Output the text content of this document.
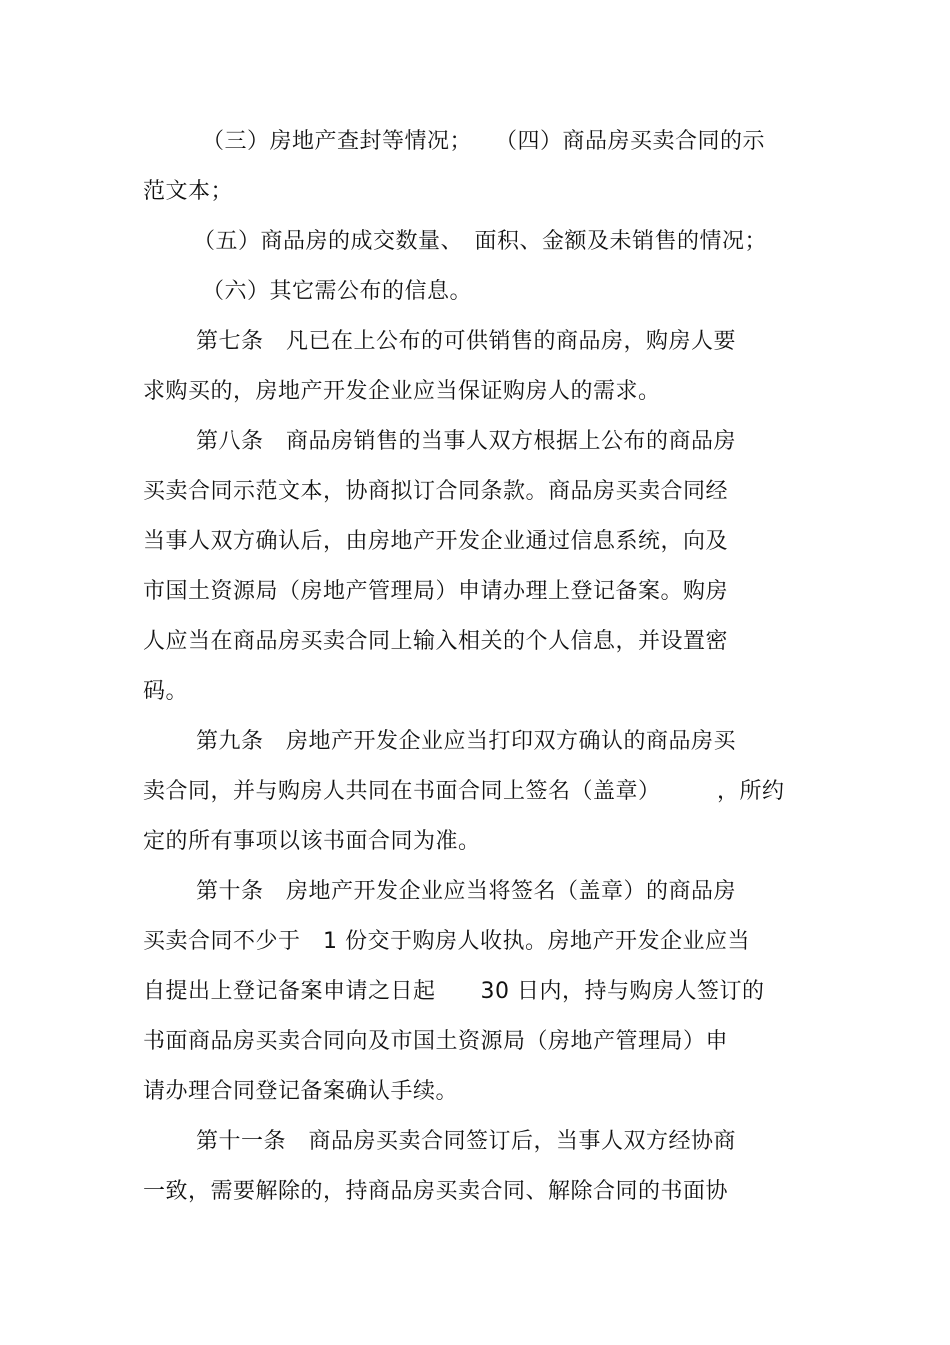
（三）房地产查封等情况；　　（四）商品房买卖合同的示
范文本；
（五）商品房的成交数量、　面积、金额及未销售的情况；
（六）其它需公布的信息。
第七条　凡已在上公布的可供销售的商品房，购房人要
求购买的，房地产开发企业应当保证购房人的需求。
第八条　商品房销售的当事人双方根据上公布的商品房
买卖合同示范文本，协商拟订合同条款。商品房买卖合同经
当事人双方确认后，由房地产开发企业通过信息系统，向及
市国土资源局（房地产管理局）申请办理上登记备案。购房
人应当在商品房买卖合同上输入相关的个人信息，并设置密
码。
第九条　房地产开发企业应当打印双方确认的商品房买
卖合同，并与购房人共同在书面合同上签名（盖章）　　　，所约
定的所有事项以该书面合同为准。
第十条　房地产开发企业应当将签名（盖章）的商品房
买卖合同不少于　1 份交于购房人收执。房地产开发企业应当
自提出上登记备案申请之日起　　30 日内，持与购房人签订的
书面商品房买卖合同向及市国土资源局（房地产管理局）申
请办理合同登记备案确认手续。
第十一条　商品房买卖合同签订后，当事人双方经协商
一致，需要解除的，持商品房买卖合同、解除合同的书面协
